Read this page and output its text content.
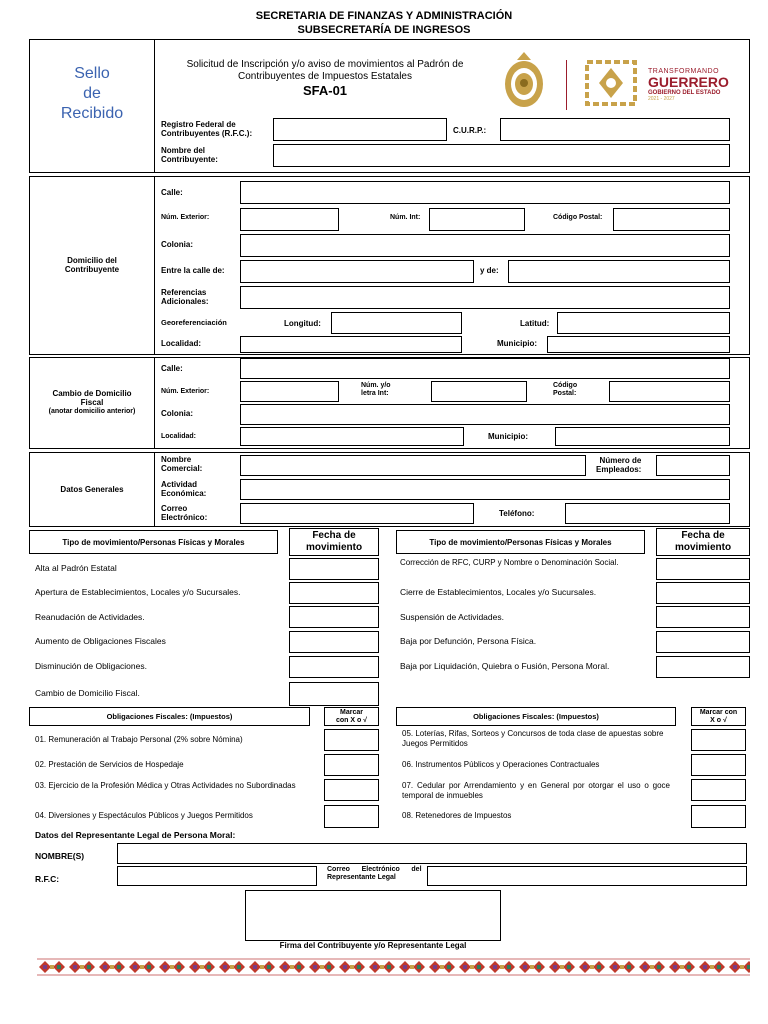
SECRETARIA DE FINANZAS Y ADMINISTRACIÓN
SUBSECRETARÍA DE INGRESOS
Sello
de
Recibido
Solicitud de Inscripción y/o aviso de movimientos al Padrón de
Contribuyentes de Impuestos Estatales
SFA-01
TRANSFORMANDO
GUERRERO
GOBIERNO DEL ESTADO
2021 - 2027
Registro Federal de
Contribuyentes (R.F.C.):	C.U.R.P.:
Nombre del
Contribuyente:
Domicilio del Contribuyente
Calle:
Núm. Exterior:	Núm. Int:	Código Postal:
Colonia:
Entre la calle de:	y de:
Referencias
Adicionales:
Georeferenciación	Longitud:	Latitud:
Localidad:	Municipio:
Cambio de Domicilio
Fiscal
(anotar domicilio anterior)
Calle:
Núm. Exterior:
Núm. y/o
letra Int:
Código
Postal:
Colonia:
Localidad:	Municipio:
Datos Generales
Nombre
Comercial:
Número de
Empleados:
Actividad
Económica:
Correo
Electrónico:	Teléfono:
Tipo de movimiento/Personas Físicas y Morales
Fecha de
movimiento	Tipo de movimiento/Personas Físicas y Morales
Fecha de
movimiento
Alta al Padrón Estatal
Apertura de Establecimientos, Locales y/o Sucursales.
Reanudación de Actividades.
Aumento de Obligaciones Fiscales
Disminución de Obligaciones.
Cambio de Domicilio Fiscal.
Corrección de RFC, CURP y Nombre o Denominación Social.
Cierre de Establecimientos, Locales y/o Sucursales.
Suspensión de Actividades.
Baja por Defunción, Persona Física.
Baja por Liquidación, Quiebra o Fusión, Persona Moral.
Obligaciones Fiscales: (Impuestos)	Marcar
con X o √	Obligaciones Fiscales: (Impuestos)	Marcar con
X o √
01. Remuneración al Trabajo Personal (2% sobre Nómina)
02. Prestación de Servicios de Hospedaje
03. Ejercicio de la Profesión Médica y Otras Actividades no Subordinadas
04. Diversiones y Espectáculos Públicos y Juegos Permitidos
05. Loterías, Rifas, Sorteos y Concursos de toda clase de apuestas sobre Juegos Permitidos
06. Instrumentos Públicos y Operaciones Contractuales
07. Cedular por Arrendamiento y en General por otorgar el uso o goce temporal de inmuebles
08. Retenedores de Impuestos
Datos del Representante Legal de Persona Moral:
NOMBRE(S)
R.F.C:
Correo      Electrónico      del
Representante Legal
Firma del Contribuyente y/o Representante Legal
